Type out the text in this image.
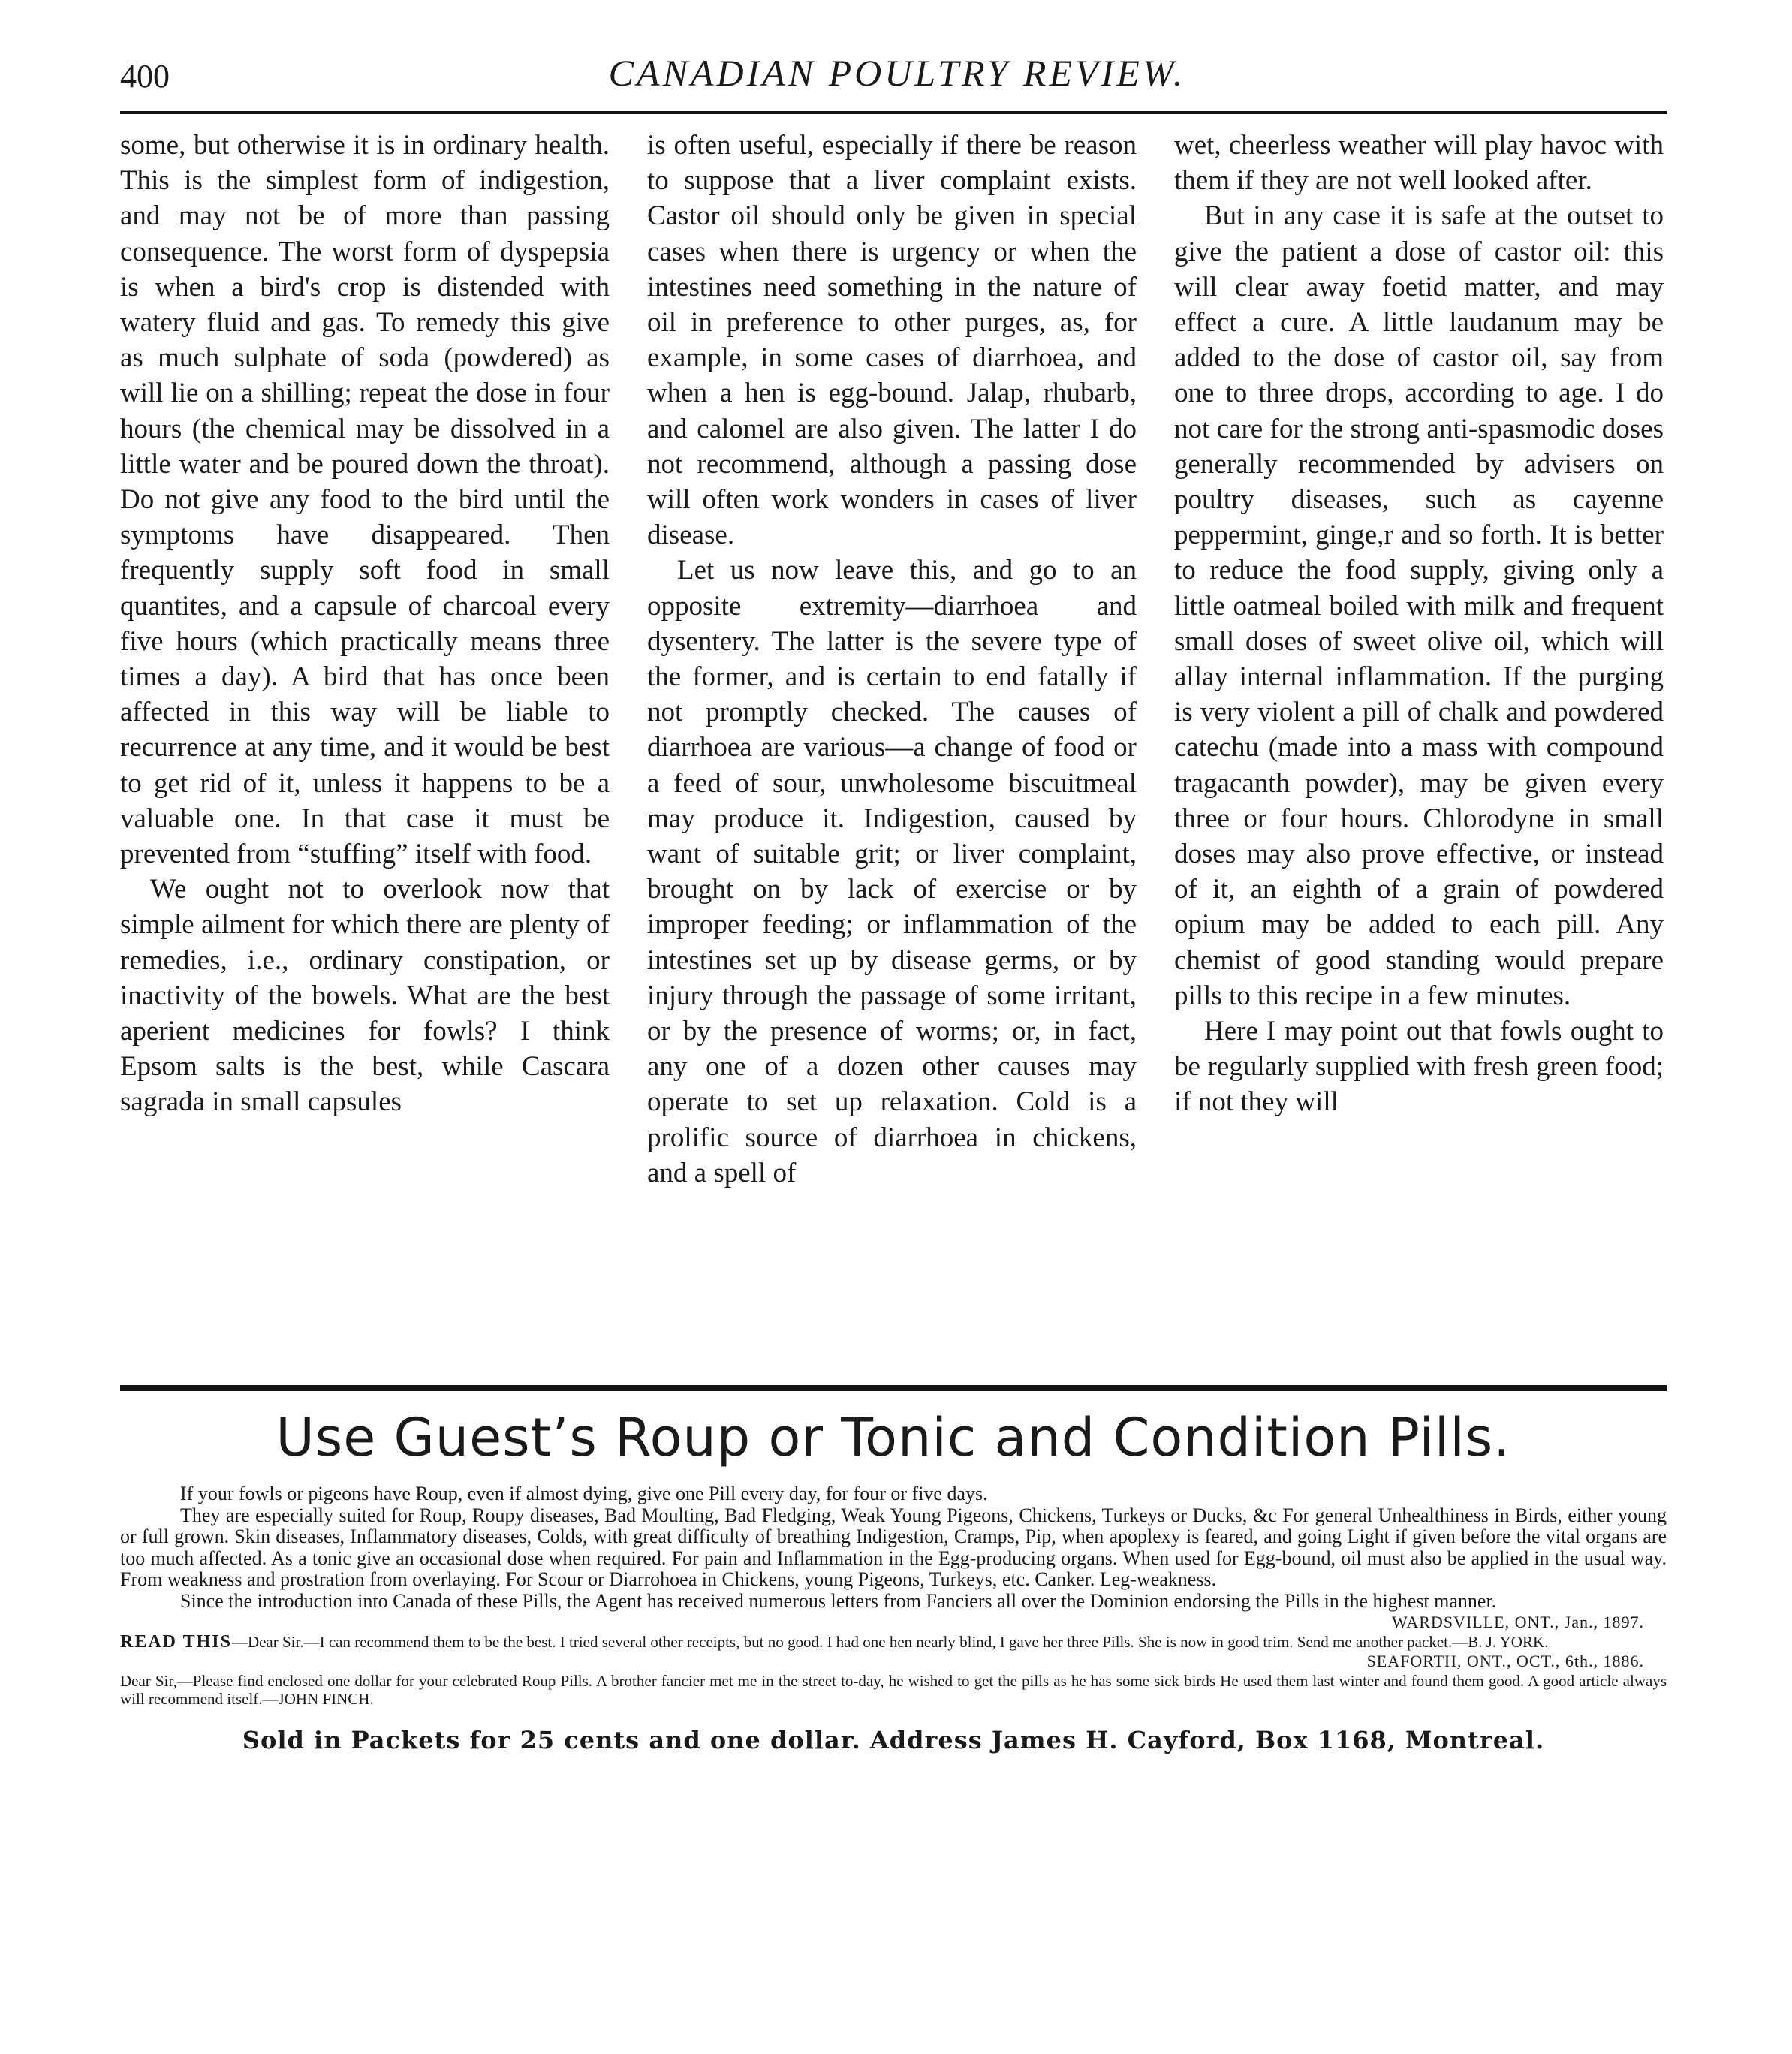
400	CANADIAN POULTRY REVIEW.

some, but otherwise it is in ordinary health. This is the simplest form of indigestion, and may not be of more than passing consequence. The worst form of dyspepsia is when a bird's crop is distended with watery fluid and gas. To remedy this give as much sulphate of soda (powdered) as will lie on a shilling; repeat the dose in four hours (the chemical may be dissolved in a little water and be poured down the throat). Do not give any food to the bird until the symptoms have disappeared. Then frequently supply soft food in small quantites, and a capsule of charcoal every five hours (which practically means three times a day). A bird that has once been affected in this way will be liable to recurrence at any time, and it would be best to get rid of it, unless it happens to be a valuable one. In that case it must be prevented from “stuffing” itself with food.

We ought not to overlook now that simple ailment for which there are plenty of remedies, i.e., ordinary constipation, or inactivity of the bowels. What are the best aperient medicines for fowls? I think Epsom salts is the best, while Cascara sagrada in small capsules

is often useful, especially if there be reason to suppose that a liver complaint exists. Castor oil should only be given in special cases when there is urgency or when the intestines need something in the nature of oil in preference to other purges, as, for example, in some cases of diarrhoea, and when a hen is egg-bound. Jalap, rhubarb, and calomel are also given. The latter I do not recommend, although a passing dose will often work wonders in cases of liver disease.

Let us now leave this, and go to an opposite extremity—diarrhoea and dysentery. The latter is the severe type of the former, and is certain to end fatally if not promptly checked. The causes of diarrhoea are various—a change of food or a feed of sour, unwholesome biscuitmeal may produce it. Indigestion, caused by want of suitable grit; or liver complaint, brought on by lack of exercise or by improper feeding; or inflammation of the intestines set up by disease germs, or by injury through the passage of some irritant, or by the presence of worms; or, in fact, any one of a dozen other causes may operate to set up relaxation. Cold is a prolific source of diarrhoea in chickens, and a spell of

wet, cheerless weather will play havoc with them if they are not well looked after.

But in any case it is safe at the outset to give the patient a dose of castor oil: this will clear away foetid matter, and may effect a cure. A little laudanum may be added to the dose of castor oil, say from one to three drops, according to age. I do not care for the strong anti-spasmodic doses generally recommended by advisers on poultry diseases, such as cayenne peppermint, ginge,r and so forth. It is better to reduce the food supply, giving only a little oatmeal boiled with milk and frequent small doses of sweet olive oil, which will allay internal inflammation. If the purging is very violent a pill of chalk and powdered catechu (made into a mass with compound tragacanth powder), may be given every three or four hours. Chlorodyne in small doses may also prove effective, or instead of it, an eighth of a grain of powdered opium may be added to each pill. Any chemist of good standing would prepare pills to this recipe in a few minutes.

Here I may point out that fowls ought to be regularly supplied with fresh green food; if not they will

Use Guest’s Roup or Tonic and Condition Pills.

If your fowls or pigeons have Roup, even if almost dying, give one Pill every day, for four or five days.

They are especially suited for Roup, Roupy diseases, Bad Moulting, Bad Fledging, Weak Young Pigeons, Chickens, Turkeys or Ducks, &c For general Unhealthiness in Birds, either young or full grown. Skin diseases, Inflammatory diseases, Colds, with great difficulty of breathing Indigestion, Cramps, Pip, when apoplexy is feared, and going Light if given before the vital organs are too much affected. As a tonic give an occasional dose when required. For pain and Inflammation in the Egg-producing organs. When used for Egg-bound, oil must also be applied in the usual way. From weakness and prostration from overlaying. For Scour or Diarrohoea in Chickens, young Pigeons, Turkeys, etc. Canker. Leg-weakness.

Since the introduction into Canada of these Pills, the Agent has received numerous letters from Fanciers all over the Dominion endorsing the Pills in the highest manner.

WARDSVILLE, ONT., Jan., 1897.

READ THIS—Dear Sir.—I can recommend them to be the best. I tried several other receipts, but no good. I had one hen nearly blind, I gave her three Pills. She is now in good trim. Send me another packet.—B. J. YORK.

SEAFORTH, ONT., OCT., 6th., 1886.

Dear Sir,—Please find enclosed one dollar for your celebrated Roup Pills. A brother fancier met me in the street to-day, he wished to get the pills as he has some sick birds He used them last winter and found them good. A good article always will recommend itself.—JOHN FINCH.

Sold in Packets for 25 cents and one dollar. Address James H. Cayford, Box 1168, Montreal.
